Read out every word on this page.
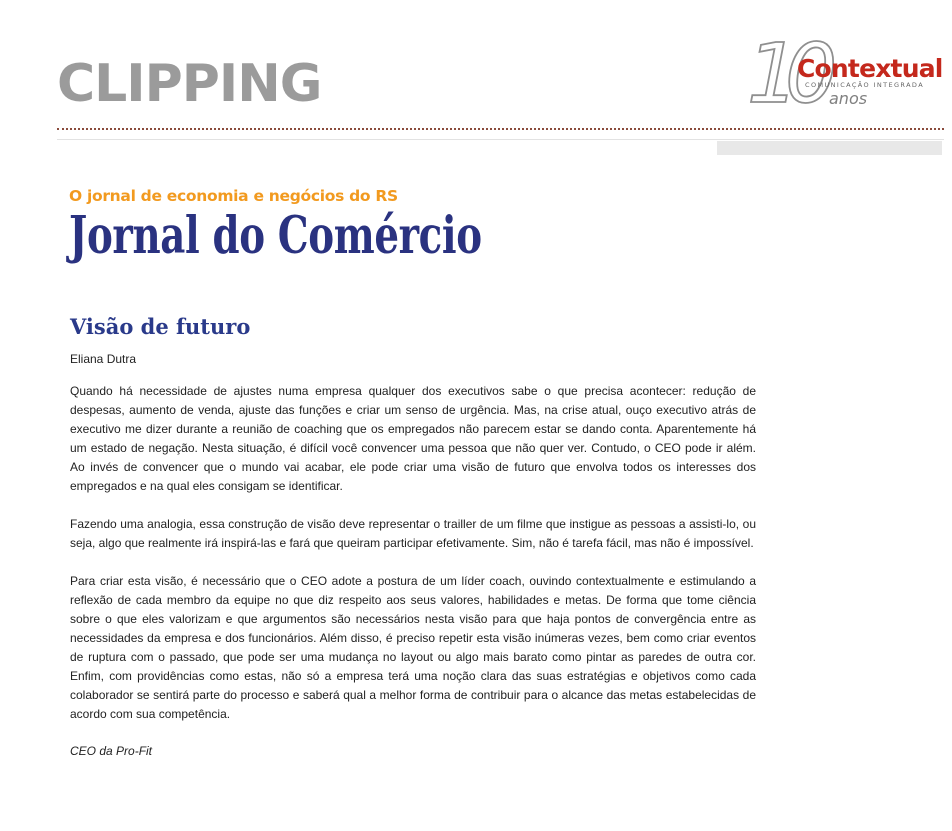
CLIPPING	10
Contextual
COMUNICAÇÃO INTEGRADA
anos
O jornal de economia e negócios do RS
Jornal do Comércio
Visão de futuro
Eliana Dutra

Quando há necessidade de ajustes numa empresa qualquer dos executivos sabe o que precisa acontecer: redução de despesas, aumento de venda, ajuste das funções e criar um senso de urgência. Mas, na crise atual, ouço executivo atrás de executivo me dizer durante a reunião de coaching que os empregados não parecem estar se dando conta. Aparentemente há um estado de negação. Nesta situação, é difícil você convencer uma pessoa que não quer ver. Contudo, o CEO pode ir além. Ao invés de convencer que o mundo vai acabar, ele pode criar uma visão de futuro que envolva todos os interesses dos empregados e na qual eles consigam se identificar.

Fazendo uma analogia, essa construção de visão deve representar o trailler de um filme que instigue as pessoas a assisti-lo, ou seja, algo que realmente irá inspirá-las e fará que queiram participar efetivamente. Sim, não é tarefa fácil, mas não é impossível.

Para criar esta visão, é necessário que o CEO adote a postura de um líder coach, ouvindo contextualmente e estimulando a reflexão de cada membro da equipe no que diz respeito aos seus valores, habilidades e metas. De forma que tome ciência sobre o que eles valorizam e que argumentos são necessários nesta visão para que haja pontos de convergência entre as necessidades da empresa e dos funcionários. Além disso, é preciso repetir esta visão inúmeras vezes, bem como criar eventos de ruptura com o passado, que pode ser uma mudança no layout ou algo mais barato como pintar as paredes de outra cor. Enfim, com providências como estas, não só a empresa terá uma noção clara das suas estratégias e objetivos como cada colaborador se sentirá parte do processo e saberá qual a melhor forma de contribuir para o alcance das metas estabelecidas de acordo com sua competência.

CEO da Pro-Fit
